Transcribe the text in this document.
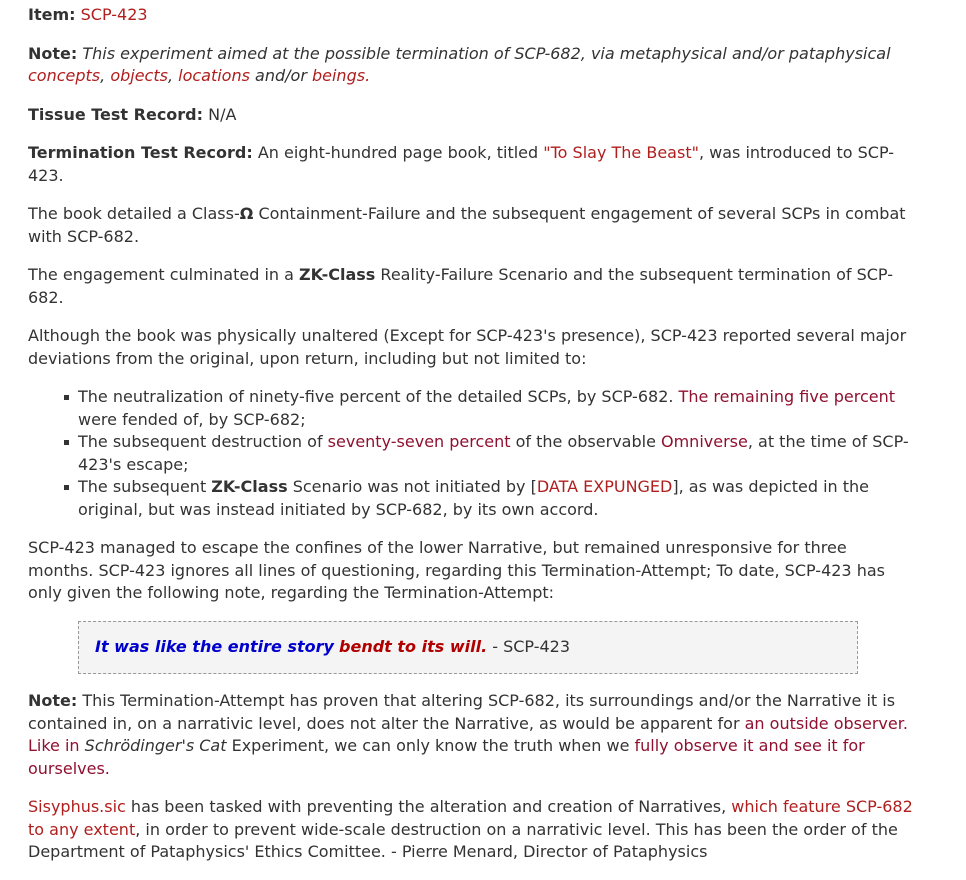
Item: SCP-423

Note: This experiment aimed at the possible termination of SCP-682, via metaphysical and/or pataphysical concepts, objects, locations and/or beings.

Tissue Test Record: N/A

Termination Test Record: An eight-hundred page book, titled "To Slay The Beast", was introduced to SCP-423.

The book detailed a Class-Ω Containment-Failure and the subsequent engagement of several SCPs in combat with SCP-682.

The engagement culminated in a ZK-Class Reality-Failure Scenario and the subsequent termination of SCP-682.

Although the book was physically unaltered (Except for SCP-423's presence), SCP-423 reported several major deviations from the original, upon return, including but not limited to:

The neutralization of ninety-five percent of the detailed SCPs, by SCP-682. The remaining five percent were fended of, by SCP-682;
The subsequent destruction of seventy-seven percent of the observable Omniverse, at the time of SCP-423's escape;
The subsequent ZK-Class Scenario was not initiated by [DATA EXPUNGED], as was depicted in the original, but was instead initiated by SCP-682, by its own accord.

SCP-423 managed to escape the confines of the lower Narrative, but remained unresponsive for three months. SCP-423 ignores all lines of questioning, regarding this Termination-Attempt; To date, SCP-423 has only given the following note, regarding the Termination-Attempt:

It was like the entire story bendt to its will. - SCP-423

Note: This Termination-Attempt has proven that altering SCP-682, its surroundings and/or the Narrative it is contained in, on a narrativic level, does not alter the Narrative, as would be apparent for an outside observer. Like in Schrödinger's Cat Experiment, we can only know the truth when we fully observe it and see it for ourselves.

Sisyphus.sic has been tasked with preventing the alteration and creation of Narratives, which feature SCP-682 to any extent, in order to prevent wide-scale destruction on a narrativic level. This has been the order of the Department of Pataphysics' Ethics Comittee. - Pierre Menard, Director of Pataphysics
